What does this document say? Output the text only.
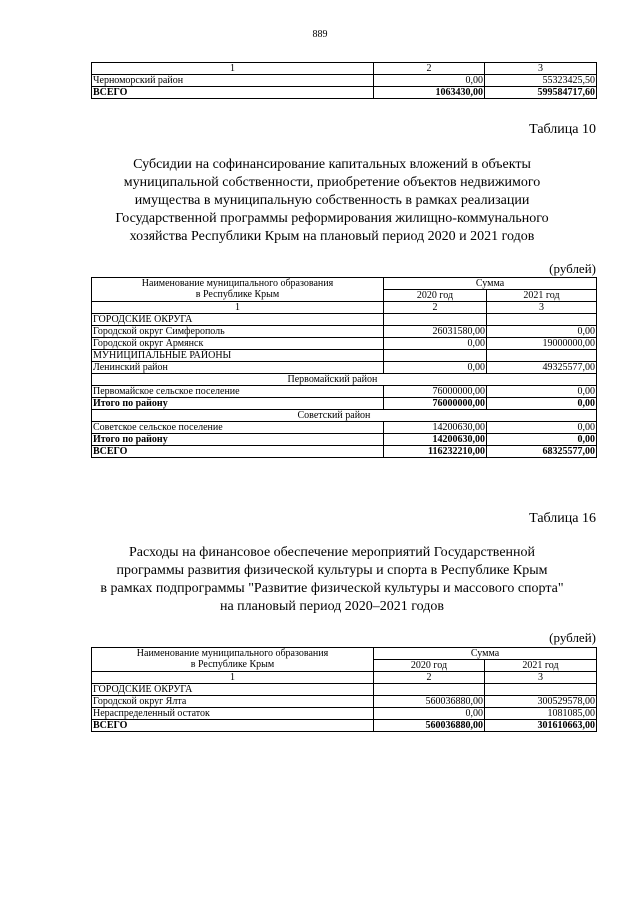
889
1	2	3
Черноморский район	0,00	55323425,50
ВСЕГО	1063430,00	599584717,60
Таблица 10
Субсидии на софинансирование капитальных вложений в объекты
муниципальной собственности, приобретение объектов недвижимого
имущества в муниципальную собственность в рамках реализации
Государственной программы реформирования жилищно-коммунального
хозяйства Республики Крым на плановый период 2020 и 2021 годов
(рублей)
Наименование муниципального образования
в Республике Крым	Сумма	
	2020 год	2021 год
1	2	3
ГОРОДСКИЕ ОКРУГА		
Городской округ Симферополь	26031580,00	0,00
Городской округ Армянск	0,00	19000000,00
МУНИЦИПАЛЬНЫЕ РАЙОНЫ		
Ленинский район	0,00	49325577,00
	Первомайский район	
Первомайское сельское поселение	76000000,00	0,00
Итого по району	76000000,00	0,00
	Советский район	
Советское сельское поселение	14200630,00	0,00
Итого по району	14200630,00	0,00
ВСЕГО	116232210,00	68325577,00
Таблица 16
Расходы на финансовое обеспечение мероприятий Государственной
программы развития физической культуры и спорта в Республике Крым
в рамках подпрограммы "Развитие физической культуры и массового спорта"
на плановый период 2020–2021 годов
(рублей)
Наименование муниципального образования
в Республике Крым	Сумма	
	2020 год	2021 год
1	2	3
ГОРОДСКИЕ ОКРУГА		
Городской округ Ялта	560036880,00	300529578,00
Нераспределенный остаток	0,00	1081085,00
ВСЕГО	560036880,00	301610663,00
